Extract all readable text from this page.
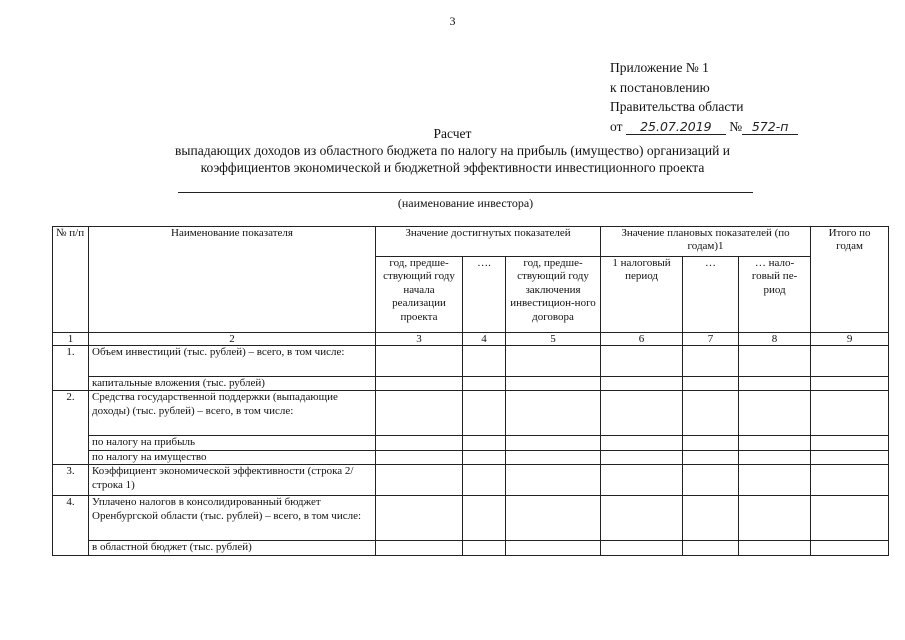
3
Приложение № 1
к постановлению
Правительства области
от 25.07.2019 № 572-п
Расчет
выпадающих доходов из областного бюджета по налогу на прибыль (имущество) организаций и
коэффициентов экономической и бюджетной эффективности инвестиционного проекта
(наименование инвестора)
№ п/п	Наименование показателя	Значение достигнутых показателей			Значение плановых показателей (по годам)1			Итого по годам
		год, предше-ствующий году начала реализации проекта	….	год, предше-ствующий году заключения инвестицион-ного договора	1 налоговый период	…	… нало-говый пе-риод	
1	2	3	4	5	6	7	8	9
1.	Объем инвестиций (тыс. рублей) – всего, в том числе:							
	капитальные вложения (тыс. рублей)							
2.	Средства государственной поддержки (выпадающие доходы) (тыс. рублей) – всего, в том числе:							
	по налогу на прибыль							
	по налогу на имущество							
3.	Коэффициент экономической эффективности (строка 2/строка 1)							
4.	Уплачено налогов в консолидированный бюджет Оренбургской области (тыс. рублей) – всего, в том числе:							
	в областной бюджет (тыс. рублей)							
